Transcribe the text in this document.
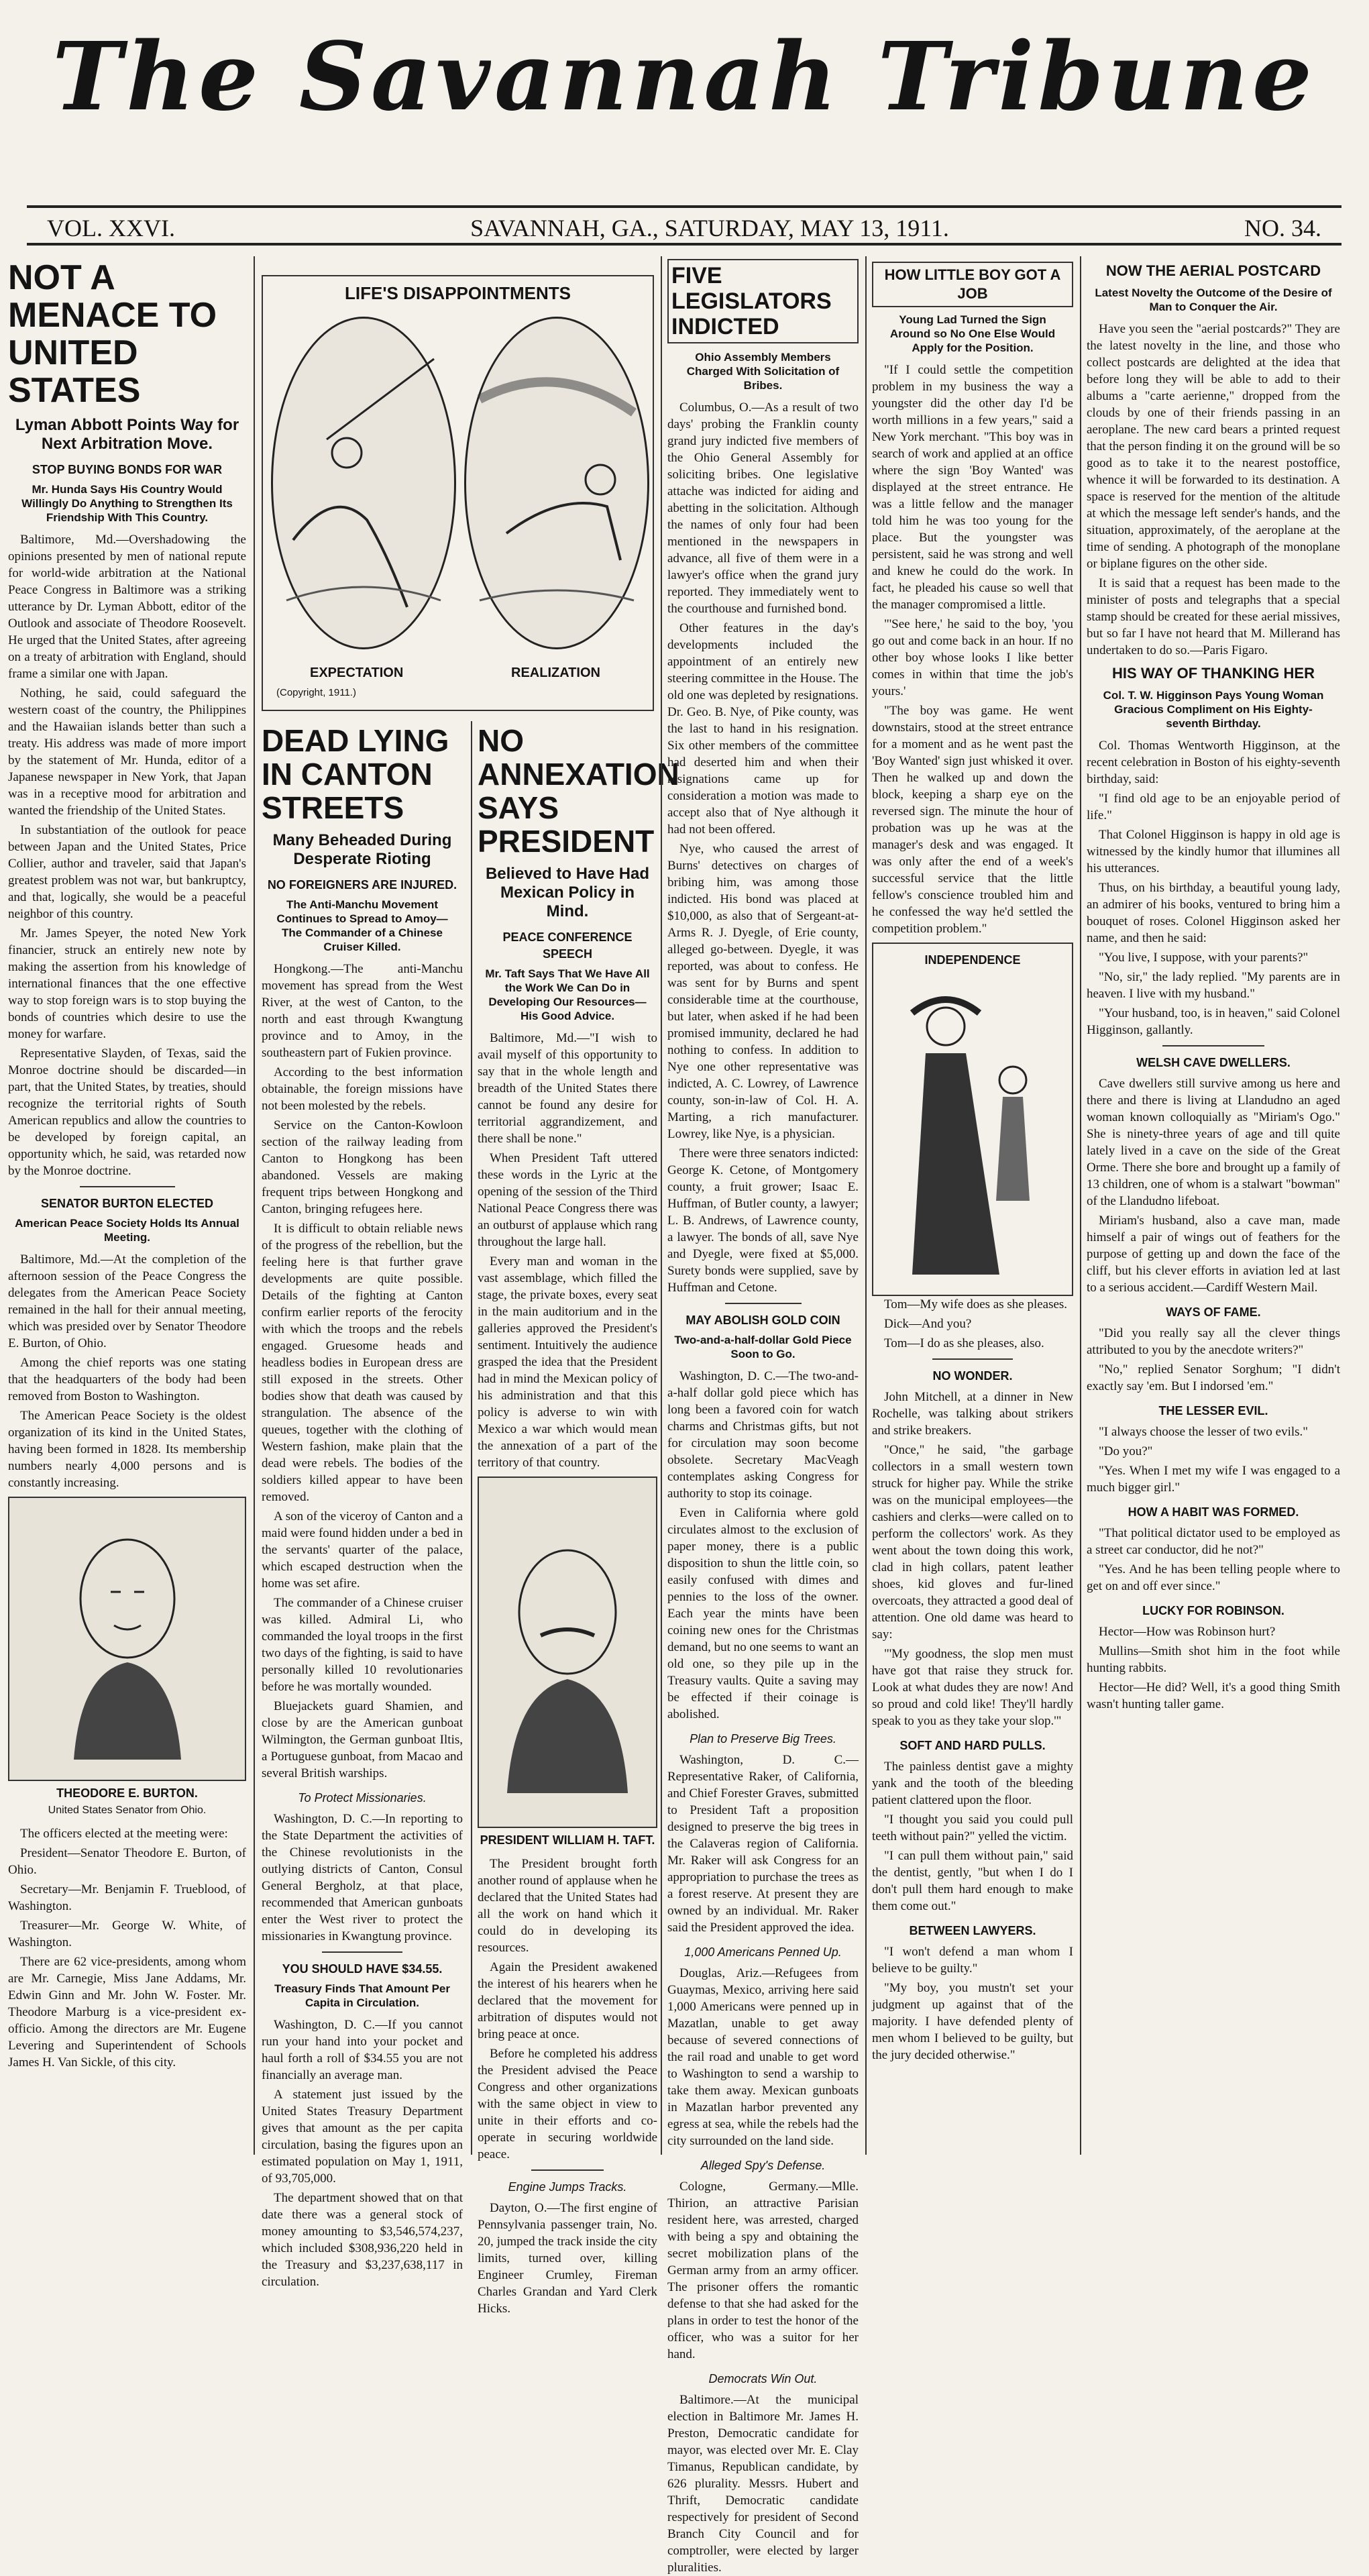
The Savannah Tribune
VOL. XXVI.	SAVANNAH, GA., SATURDAY, MAY 13, 1911.	NO. 34.
NOT A MENACE TO UNITED STATES
Lyman Abbott Points Way for Next Arbitration Move.
STOP BUYING BONDS FOR WAR
Mr. Hunda Says His Country Would Willingly Do Anything to Strengthen Its Friendship With This Country.

Baltimore, Md.—Overshadowing the opinions presented by men of national repute for world-wide arbitration at the National Peace Congress in Baltimore was a striking utterance by Dr. Lyman Abbott, editor of the Outlook and associate of Theodore Roosevelt. He urged that the United States, after agreeing on a treaty of arbitration with England, should frame a similar one with Japan.

Nothing, he said, could safeguard the western coast of the country, the Philippines and the Hawaiian islands better than such a treaty. His address was made of more import by the statement of Mr. Hunda, editor of a Japanese newspaper in New York, that Japan was in a receptive mood for arbitration and wanted the friendship of the United States.

In substantiation of the outlook for peace between Japan and the United States, Price Collier, author and traveler, said that Japan's greatest problem was not war, but bankruptcy, and that, logically, she would be a peaceful neighbor of this country.

Mr. James Speyer, the noted New York financier, struck an entirely new note by making the assertion from his knowledge of international finances that the one effective way to stop foreign wars is to stop buying the bonds of countries which desire to use the money for warfare.

Representative Slayden, of Texas, said the Monroe doctrine should be discarded—in part, that the United States, by treaties, should recognize the territorial rights of South American republics and allow the countries to be developed by foreign capital, an opportunity which, he said, was retarded now by the Monroe doctrine.

SENATOR BURTON ELECTED
American Peace Society Holds Its Annual Meeting.

Baltimore, Md.—At the completion of the afternoon session of the Peace Congress the delegates from the American Peace Society remained in the hall for their annual meeting, which was presided over by Senator Theodore E. Burton, of Ohio.

Among the chief reports was one stating that the headquarters of the body had been removed from Boston to Washington.

The American Peace Society is the oldest organization of its kind in the United States, having been formed in 1828. Its membership numbers nearly 4,000 persons and is constantly increasing.

THEODORE E. BURTON.
United States Senator from Ohio.

The officers elected at the meeting were:

President—Senator Theodore E. Burton, of Ohio.

Secretary—Mr. Benjamin F. Trueblood, of Washington.

Treasurer—Mr. George W. White, of Washington.

There are 62 vice-presidents, among whom are Mr. Carnegie, Miss Jane Addams, Mr. Edwin Ginn and Mr. John W. Foster. Mr. Theodore Marburg is a vice-president ex-officio. Among the directors are Mr. Eugene Levering and Superintendent of Schools James H. Van Sickle, of this city.

LIFE'S DISAPPOINTMENTS
EXPECTATION	REALIZATION
(Copyright, 1911.)
DEAD LYING IN CANTON STREETS
Many Beheaded During Desperate Rioting
NO FOREIGNERS ARE INJURED.
The Anti-Manchu Movement Continues to Spread to Amoy—The Commander of a Chinese Cruiser Killed.

Hongkong.—The anti-Manchu movement has spread from the West River, at the west of Canton, to the north and east through Kwangtung province and to Amoy, in the southeastern part of Fukien province.

According to the best information obtainable, the foreign missions have not been molested by the rebels.

Service on the Canton-Kowloon section of the railway leading from Canton to Hongkong has been abandoned. Vessels are making frequent trips between Hongkong and Canton, bringing refugees here.

It is difficult to obtain reliable news of the progress of the rebellion, but the feeling here is that further grave developments are quite possible. Details of the fighting at Canton confirm earlier reports of the ferocity with which the troops and the rebels engaged. Gruesome heads and headless bodies in European dress are still exposed in the streets. Other bodies show that death was caused by strangulation. The absence of the queues, together with the clothing of Western fashion, make plain that the dead were rebels. The bodies of the soldiers killed appear to have been removed.

A son of the viceroy of Canton and a maid were found hidden under a bed in the servants' quarter of the palace, which escaped destruction when the home was set afire.

The commander of a Chinese cruiser was killed. Admiral Li, who commanded the loyal troops in the first two days of the fighting, is said to have personally killed 10 revolutionaries before he was mortally wounded.

Bluejackets guard Shamien, and close by are the American gunboat Wilmington, the German gunboat Iltis, a Portuguese gunboat, from Macao and several British warships.

To Protect Missionaries.

Washington, D. C.—In reporting to the State Department the activities of the Chinese revolutionists in the outlying districts of Canton, Consul General Bergholz, at that place, recommended that American gunboats enter the West river to protect the missionaries in Kwangtung province.

YOU SHOULD HAVE $34.55.
Treasury Finds That Amount Per Capita in Circulation.

Washington, D. C.—If you cannot run your hand into your pocket and haul forth a roll of $34.55 you are not financially an average man.

A statement just issued by the United States Treasury Department gives that amount as the per capita circulation, basing the figures upon an estimated population on May 1, 1911, of 93,705,000.

The department showed that on that date there was a general stock of money amounting to $3,546,574,237, which included $308,936,220 held in the Treasury and $3,237,638,117 in circulation.

NO ANNEXATION SAYS PRESIDENT
Believed to Have Had Mexican Policy in Mind.
PEACE CONFERENCE SPEECH
Mr. Taft Says That We Have All the Work We Can Do in Developing Our Resources—His Good Advice.

Baltimore, Md.—"I wish to avail myself of this opportunity to say that in the whole length and breadth of the United States there cannot be found any desire for territorial aggrandizement, and there shall be none."

When President Taft uttered these words in the Lyric at the opening of the session of the Third National Peace Congress there was an outburst of applause which rang throughout the large hall.

Every man and woman in the vast assemblage, which filled the stage, the private boxes, every seat in the main auditorium and in the galleries approved the President's sentiment. Intuitively the audience grasped the idea that the President had in mind the Mexican policy of his administration and that this policy is adverse to win with Mexico a war which would mean the annexation of a part of the territory of that country.

PRESIDENT WILLIAM H. TAFT.

The President brought forth another round of applause when he declared that the United States had all the work on hand which it could do in developing its resources.

Again the President awakened the interest of his hearers when he declared that the movement for arbitration of disputes would not bring peace at once.

Before he completed his address the President advised the Peace Congress and other organizations with the same object in view to unite in their efforts and co-operate in securing worldwide peace.

Engine Jumps Tracks.

Dayton, O.—The first engine of Pennsylvania passenger train, No. 20, jumped the track inside the city limits, turned over, killing Engineer Crumley, Fireman Charles Grandan and Yard Clerk Hicks.

FIVE LEGISLATORS INDICTED
Ohio Assembly Members Charged With Solicitation of Bribes.

Columbus, O.—As a result of two days' probing the Franklin county grand jury indicted five members of the Ohio General Assembly for soliciting bribes. One legislative attache was indicted for aiding and abetting in the solicitation. Although the names of only four had been mentioned in the newspapers in advance, all five of them were in a lawyer's office when the grand jury reported. They immediately went to the courthouse and furnished bond.

Other features in the day's developments included the appointment of an entirely new steering committee in the House. The old one was depleted by resignations. Dr. Geo. B. Nye, of Pike county, was the last to hand in his resignation. Six other members of the committee had deserted him and when their resignations came up for consideration a motion was made to accept also that of Nye although it had not been offered.

Nye, who caused the arrest of Burns' detectives on charges of bribing him, was among those indicted. His bond was placed at $10,000, as also that of Sergeant-at-Arms R. J. Dyegle, of Erie county, alleged go-between. Dyegle, it was reported, was about to confess. He was sent for by Burns and spent considerable time at the courthouse, but later, when asked if he had been promised immunity, declared he had nothing to confess. In addition to Nye one other representative was indicted, A. C. Lowrey, of Lawrence county, son-in-law of Col. H. A. Marting, a rich manufacturer. Lowrey, like Nye, is a physician.

There were three senators indicted: George K. Cetone, of Montgomery county, a fruit grower; Isaac E. Huffman, of Butler county, a lawyer; L. B. Andrews, of Lawrence county, a lawyer. The bonds of all, save Nye and Dyegle, were fixed at $5,000. Surety bonds were supplied, save by Huffman and Cetone.

MAY ABOLISH GOLD COIN
Two-and-a-half-dollar Gold Piece Soon to Go.

Washington, D. C.—The two-and-a-half dollar gold piece which has long been a favored coin for watch charms and Christmas gifts, but not for circulation may soon become obsolete. Secretary MacVeagh contemplates asking Congress for authority to stop its coinage.

Even in California where gold circulates almost to the exclusion of paper money, there is a public disposition to shun the little coin, so easily confused with dimes and pennies to the loss of the owner. Each year the mints have been coining new ones for the Christmas demand, but no one seems to want an old one, so they pile up in the Treasury vaults. Quite a saving may be effected if their coinage is abolished.

Plan to Preserve Big Trees.

Washington, D. C.—Representative Raker, of California, and Chief Forester Graves, submitted to President Taft a proposition designed to preserve the big trees in the Calaveras region of California. Mr. Raker will ask Congress for an appropriation to purchase the trees as a forest reserve. At present they are owned by an individual. Mr. Raker said the President approved the idea.

1,000 Americans Penned Up.

Douglas, Ariz.—Refugees from Guaymas, Mexico, arriving here said 1,000 Americans were penned up in Mazatlan, unable to get away because of severed connections of the rail road and unable to get word to Washington to send a warship to take them away. Mexican gunboats in Mazatlan harbor prevented any egress at sea, while the rebels had the city surrounded on the land side.

Alleged Spy's Defense.

Cologne, Germany.—Mlle. Thirion, an attractive Parisian resident here, was arrested, charged with being a spy and obtaining the secret mobilization plans of the German army from an army officer. The prisoner offers the romantic defense to that she had asked for the plans in order to test the honor of the officer, who was a suitor for her hand.

Democrats Win Out.

Baltimore.—At the municipal election in Baltimore Mr. James H. Preston, Democratic candidate for mayor, was elected over Mr. E. Clay Timanus, Republican candidate, by 626 plurality. Messrs. Hubert and Thrift, Democratic candidate respectively for president of Second Branch City Council and for comptroller, were elected by larger pluralities.

HOW LITTLE BOY GOT A JOB
Young Lad Turned the Sign Around so No One Else Would Apply for the Position.

"If I could settle the competition problem in my business the way a youngster did the other day I'd be worth millions in a few years," said a New York merchant. "This boy was in search of work and applied at an office where the sign 'Boy Wanted' was displayed at the street entrance. He was a little fellow and the manager told him he was too young for the place. But the youngster was persistent, said he was strong and well and knew he could do the work. In fact, he pleaded his cause so well that the manager compromised a little.

"'See here,' he said to the boy, 'you go out and come back in an hour. If no other boy whose looks I like better comes in within that time the job's yours.'

"The boy was game. He went downstairs, stood at the street entrance for a moment and as he went past the 'Boy Wanted' sign just whisked it over. Then he walked up and down the block, keeping a sharp eye on the reversed sign. The minute the hour of probation was up he was at the manager's desk and was engaged. It was only after the end of a week's successful service that the little fellow's conscience troubled him and he confessed the way he'd settled the competition problem."

INDEPENDENCE

Tom—My wife does as she pleases.

Dick—And you?

Tom—I do as she pleases, also.

NO WONDER.

John Mitchell, at a dinner in New Rochelle, was talking about strikers and strike breakers.

"Once," he said, "the garbage collectors in a small western town struck for higher pay. While the strike was on the municipal employees—the cashiers and clerks—were called on to perform the collectors' work. As they went about the town doing this work, clad in high collars, patent leather shoes, kid gloves and fur-lined overcoats, they attracted a good deal of attention. One old dame was heard to say:

"'My goodness, the slop men must have got that raise they struck for. Look at what dudes they are now! And so proud and cold like! They'll hardly speak to you as they take your slop.'"

SOFT AND HARD PULLS.

The painless dentist gave a mighty yank and the tooth of the bleeding patient clattered upon the floor.

"I thought you said you could pull teeth without pain?" yelled the victim.

"I can pull them without pain," said the dentist, gently, "but when I do I don't pull them hard enough to make them come out."

BETWEEN LAWYERS.

"I won't defend a man whom I believe to be guilty."

"My boy, you mustn't set your judgment up against that of the majority. I have defended plenty of men whom I believed to be guilty, but the jury decided otherwise."

NOW THE AERIAL POSTCARD
Latest Novelty the Outcome of the Desire of Man to Conquer the Air.

Have you seen the "aerial postcards?" They are the latest novelty in the line, and those who collect postcards are delighted at the idea that before long they will be able to add to their albums a "carte aerienne," dropped from the clouds by one of their friends passing in an aeroplane. The new card bears a printed request that the person finding it on the ground will be so good as to take it to the nearest postoffice, whence it will be forwarded to its destination. A space is reserved for the mention of the altitude at which the message left sender's hands, and the situation, approximately, of the aeroplane at the time of sending. A photograph of the monoplane or biplane figures on the other side.

It is said that a request has been made to the minister of posts and telegraphs that a special stamp should be created for these aerial missives, but so far I have not heard that M. Millerand has undertaken to do so.—Paris Figaro.

HIS WAY OF THANKING HER
Col. T. W. Higginson Pays Young Woman Gracious Compliment on His Eighty-seventh Birthday.

Col. Thomas Wentworth Higginson, at the recent celebration in Boston of his eighty-seventh birthday, said:

"I find old age to be an enjoyable period of life."

That Colonel Higginson is happy in old age is witnessed by the kindly humor that illumines all his utterances.

Thus, on his birthday, a beautiful young lady, an admirer of his books, ventured to bring him a bouquet of roses. Colonel Higginson asked her name, and then he said:

"You live, I suppose, with your parents?"

"No, sir," the lady replied. "My parents are in heaven. I live with my husband."

"Your husband, too, is in heaven," said Colonel Higginson, gallantly.

WELSH CAVE DWELLERS.

Cave dwellers still survive among us here and there and there is living at Llandudno an aged woman known colloquially as "Miriam's Ogo." She is ninety-three years of age and till quite lately lived in a cave on the side of the Great Orme. There she bore and brought up a family of 13 children, one of whom is a stalwart "bowman" of the Llandudno lifeboat.

Miriam's husband, also a cave man, made himself a pair of wings out of feathers for the purpose of getting up and down the face of the cliff, but his clever efforts in aviation led at last to a serious accident.—Cardiff Western Mail.

WAYS OF FAME.

"Did you really say all the clever things attributed to you by the anecdote writers?"

"No," replied Senator Sorghum; "I didn't exactly say 'em. But I indorsed 'em."

THE LESSER EVIL.

"I always choose the lesser of two evils."

"Do you?"

"Yes. When I met my wife I was engaged to a much bigger girl."

HOW A HABIT WAS FORMED.

"That political dictator used to be employed as a street car conductor, did he not?"

"Yes. And he has been telling people where to get on and off ever since."

LUCKY FOR ROBINSON.

Hector—How was Robinson hurt?

Mullins—Smith shot him in the foot while hunting rabbits.

Hector—He did? Well, it's a good thing Smith wasn't hunting taller game.
